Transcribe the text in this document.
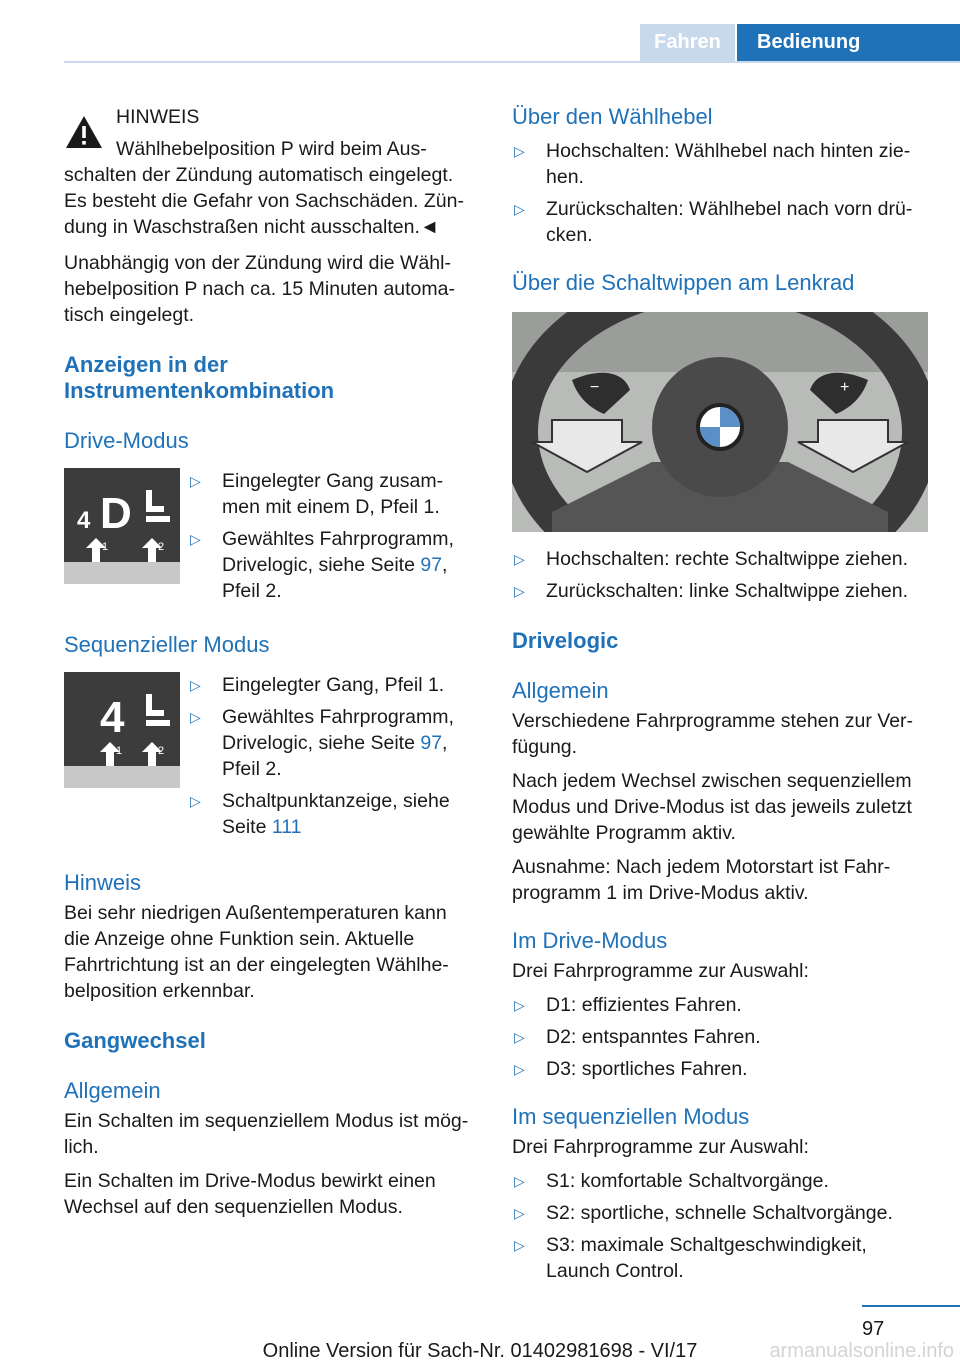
Fahren	Bedienung

HINWEIS

Wählhebelposition P wird beim Aus-

schalten der Zündung automatisch eingelegt. Es besteht die Gefahr von Sachschäden. Zün-dung in Waschstraßen nicht ausschalten.◄

Unabhängig von der Zündung wird die Wähl-hebelposition P nach ca. 15 Minuten automa-tisch eingelegt.

Anzeigen in der Instrumentenkombination

Drive-Modus

4 D
1	2
▷ Eingelegter Gang zusam-men mit einem D, Pfeil 1.
▷ Gewähltes Fahrprogramm, Drivelogic, siehe Seite 97, Pfeil 2.

Sequenzieller Modus

4
1	2
▷ Eingelegter Gang, Pfeil 1.
▷ Gewähltes Fahrprogramm, Drivelogic, siehe Seite 97, Pfeil 2.
▷ Schaltpunktanzeige, siehe Seite 111

Hinweis

Bei sehr niedrigen Außentemperaturen kann die Anzeige ohne Funktion sein. Aktuelle Fahrtrichtung ist an der eingelegten Wählhe-belposition erkennbar.

Gangwechsel

Allgemein

Ein Schalten im sequenziellem Modus ist mög-lich.

Ein Schalten im Drive-Modus bewirkt einen Wechsel auf den sequenziellen Modus.

Über den Wählhebel

▷ Hochschalten: Wählhebel nach hinten zie-hen.
▷ Zurückschalten: Wählhebel nach vorn drü-cken.

Über die Schaltwippen am Lenkrad

−	+
▷ Hochschalten: rechte Schaltwippe ziehen.
▷ Zurückschalten: linke Schaltwippe ziehen.

Drivelogic

Allgemein

Verschiedene Fahrprogramme stehen zur Ver-fügung.

Nach jedem Wechsel zwischen sequenziellem Modus und Drive-Modus ist das jeweils zuletzt gewählte Programm aktiv.

Ausnahme: Nach jedem Motorstart ist Fahr-programm 1 im Drive-Modus aktiv.

Im Drive-Modus

Drei Fahrprogramme zur Auswahl:

▷ D1: effizientes Fahren.
▷ D2: entspanntes Fahren.
▷ D3: sportliches Fahren.

Im sequenziellen Modus

Drei Fahrprogramme zur Auswahl:

▷ S1: komfortable Schaltvorgänge.
▷ S2: sportliche, schnelle Schaltvorgänge.
▷ S3: maximale Schaltgeschwindigkeit, Launch Control.
97
Online Version für Sach-Nr. 01402981698 - VI/17	armanualsonline.info
